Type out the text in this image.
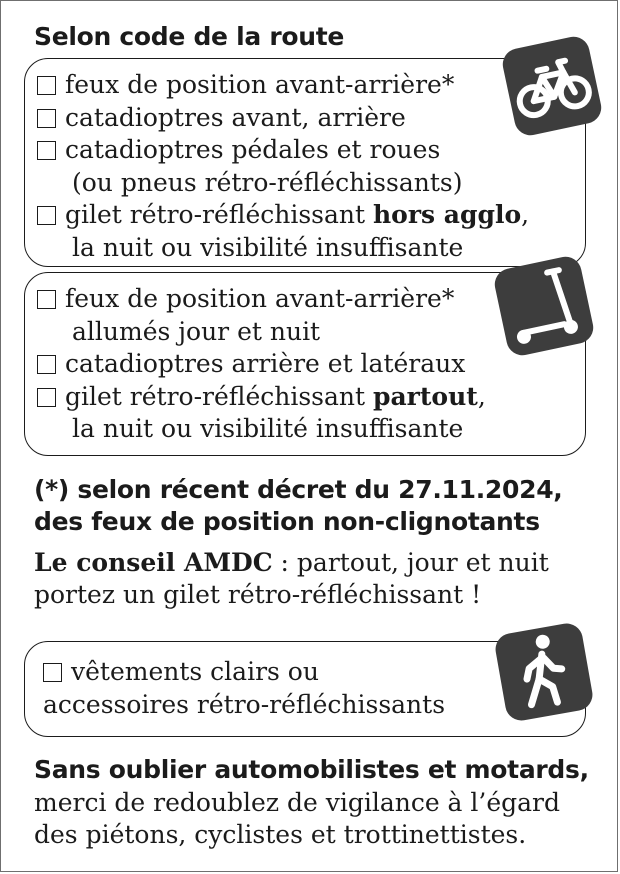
Selon code de la route
feux de position avant-arrière*
catadioptres avant, arrière
catadioptres pédales et roues
(ou pneus rétro-réfléchissants)
gilet rétro-réfléchissant hors agglo,
la nuit ou visibilité insuffisante
feux de position avant-arrière*
allumés jour et nuit
catadioptres arrière et latéraux
gilet rétro-réfléchissant partout,
la nuit ou visibilité insuffisante
(*) selon récent décret du 27.11.2024,
des feux de position non-clignotants
Le conseil AMDC : partout, jour et nuit
portez un gilet rétro-réfléchissant !
vêtements clairs ou
accessoires rétro-réfléchissants
Sans oublier automobilistes et motards,
merci de redoublez de vigilance à l’égard
des piétons, cyclistes et trottinettistes.
